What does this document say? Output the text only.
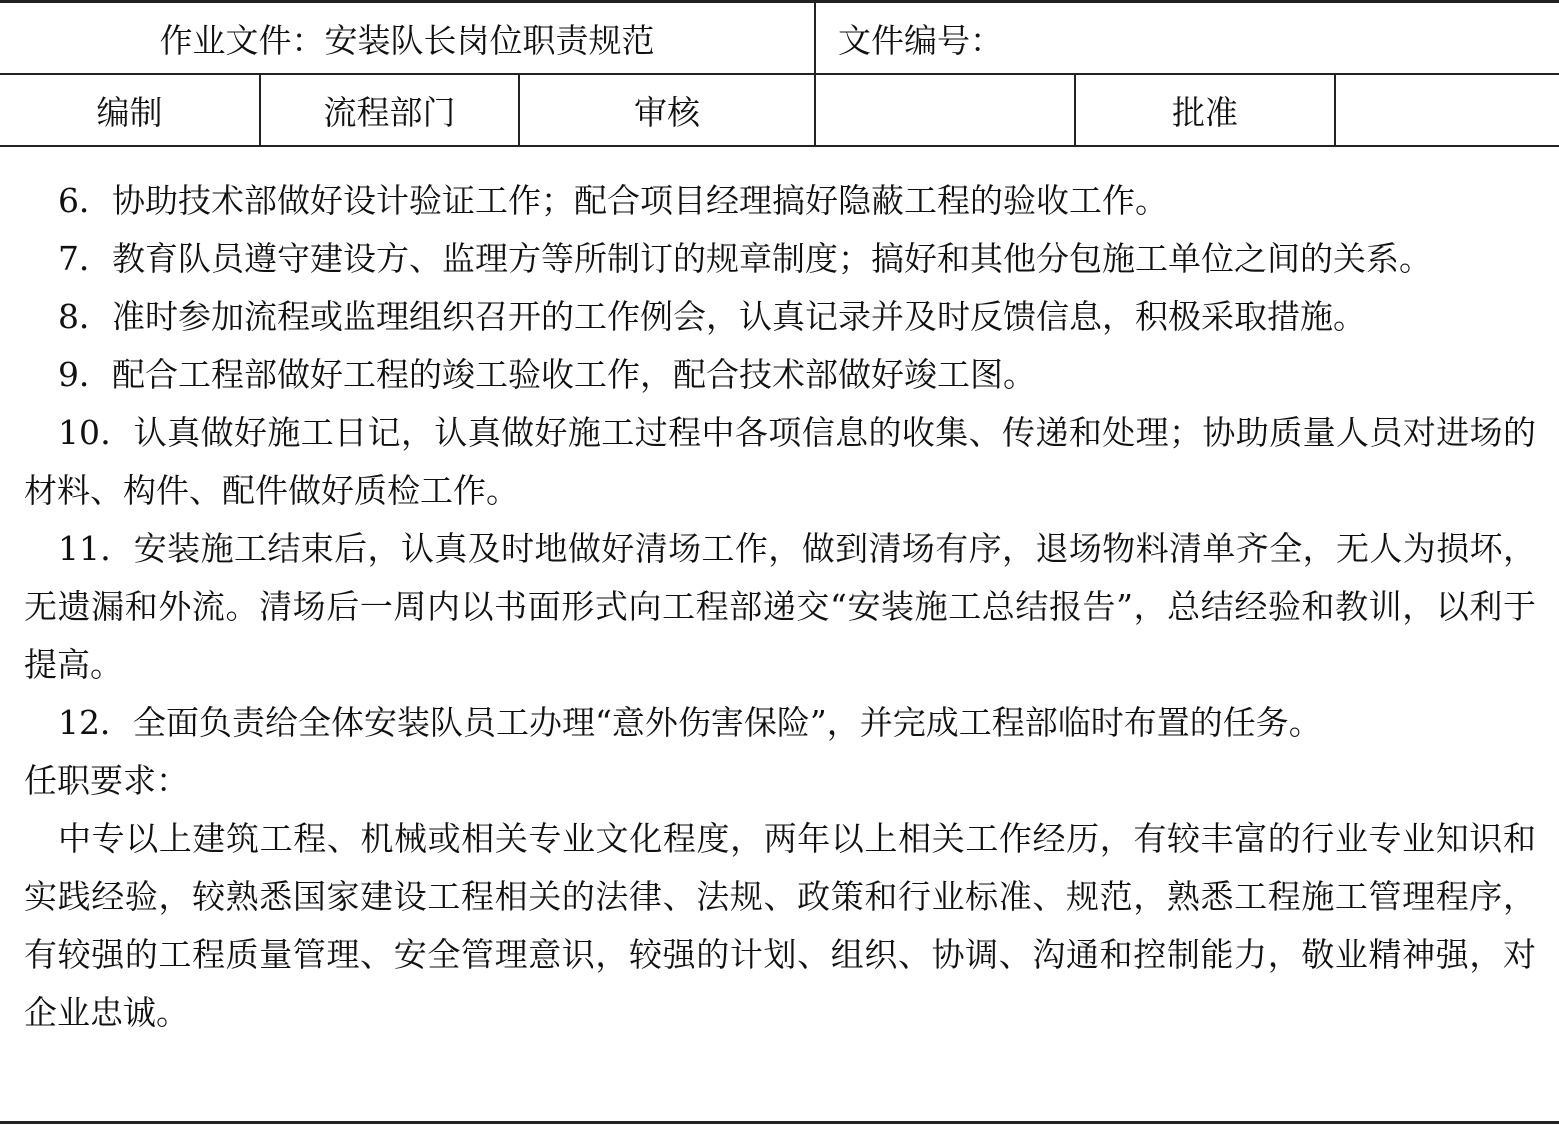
作业文件：安装队长岗位职责规范			文件编号：		
编制	流程部门	审核		批准	

6．协助技术部做好设计验证工作；配合项目经理搞好隐蔽工程的验收工作。

7．教育队员遵守建设方、监理方等所制订的规章制度；搞好和其他分包施工单位之间的关系。

8．准时参加流程或监理组织召开的工作例会，认真记录并及时反馈信息，积极采取措施。

9．配合工程部做好工程的竣工验收工作，配合技术部做好竣工图。

10．认真做好施工日记，认真做好施工过程中各项信息的收集、传递和处理；协助质量人员对进场的材料、构件、配件做好质检工作。

11．安装施工结束后，认真及时地做好清场工作，做到清场有序，退场物料清单齐全，无人为损坏，无遗漏和外流。清场后一周内以书面形式向工程部递交“安装施工总结报告”，总结经验和教训，以利于提高。

12．全面负责给全体安装队员工办理“意外伤害保险”，并完成工程部临时布置的任务。

任职要求：

中专以上建筑工程、机械或相关专业文化程度，两年以上相关工作经历，有较丰富的行业专业知识和实践经验，较熟悉国家建设工程相关的法律、法规、政策和行业标准、规范，熟悉工程施工管理程序，有较强的工程质量管理、安全管理意识，较强的计划、组织、协调、沟通和控制能力，敬业精神强，对企业忠诚。
